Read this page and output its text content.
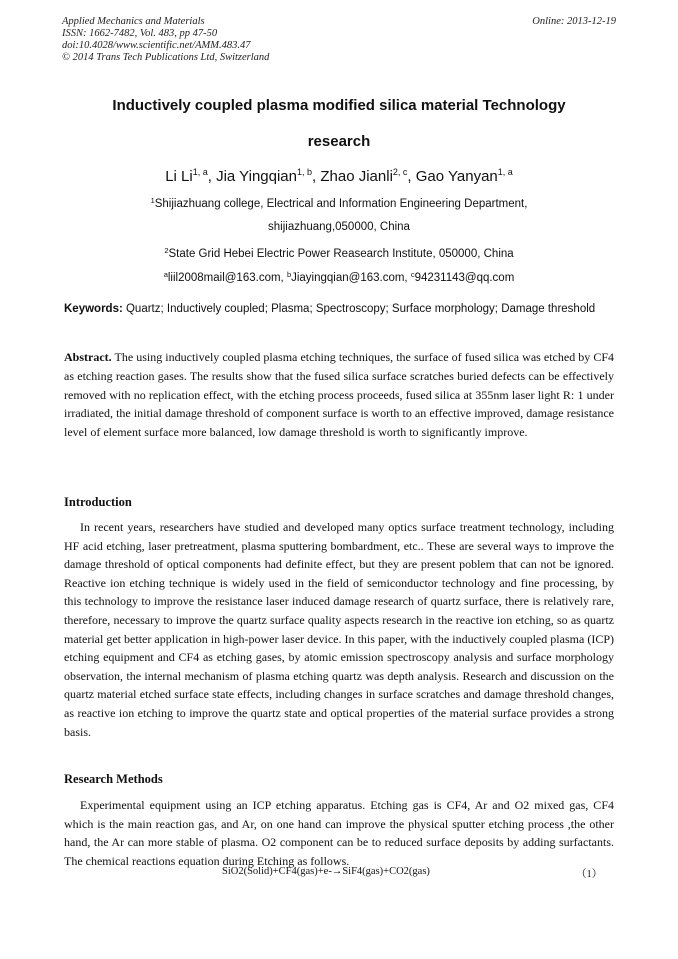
Applied Mechanics and Materials
ISSN: 1662-7482, Vol. 483, pp 47-50
doi:10.4028/www.scientific.net/AMM.483.47
© 2014 Trans Tech Publications Ltd, Switzerland
Online: 2013-12-19
Inductively coupled plasma modified silica material Technology
research
Li Li$^{1, a}$, Jia Yingqian$^{1, b}$, Zhao Jianli$^{2, c}$, Gao Yanyan$^{1, a}$
$^1$Shijiazhuang college, Electrical and Information Engineering Department,
shijiazhuang,050000, China
$^2$State Grid Hebei Electric Power Reasearch Institute, 050000, China
$^a$liil2008mail@163.com, $^b$Jiayingqian@163.com, $^c$94231143@qq.com
Keywords: Quartz; Inductively coupled; Plasma; Spectroscopy; Surface morphology; Damage threshold
Abstract. The using inductively coupled plasma etching techniques, the surface of fused silica was etched by CF4 as etching reaction gases. The results show that the fused silica surface scratches buried defects can be effectively removed with no replication effect, with the etching process proceeds, fused silica at 355nm laser light R: 1 under irradiated, the initial damage threshold of component surface is worth to an effective improved, damage resistance level of element surface more balanced, low damage threshold is worth to significantly improve.
Introduction
In recent years, researchers have studied and developed many optics surface treatment technology, including HF acid etching, laser pretreatment, plasma sputtering bombardment, etc.. These are several ways to improve the damage threshold of optical components had definite effect, but they are present poblem that can not be ignored. Reactive ion etching technique is widely used in the field of semiconductor technology and fine processing, by this technology to improve the resistance laser induced damage research of quartz surface, there is relatively rare, therefore, necessary to improve the quartz surface quality aspects research in the reactive ion etching, so as quartz material get better application in high-power laser device. In this paper, with the inductively coupled plasma (ICP) etching equipment and CF4 as etching gases, by atomic emission spectroscopy analysis and surface morphology observation, the internal mechanism of plasma etching quartz was depth analysis. Research and discussion on the quartz material etched surface state effects, including changes in surface scratches and damage threshold changes, as reactive ion etching to improve the quartz state and optical properties of the material surface provides a strong basis.
Research Methods
Experimental equipment using an ICP etching apparatus. Etching gas is CF4, Ar and O2 mixed gas, CF4 which is the main reaction gas, and Ar, on one hand can improve the physical sputter etching process ,the other hand, the Ar can more stable of plasma. O2 component can be to reduced surface deposits by adding surfactants. The chemical reactions equation during Etching as follows.
SiO2(Solid)+CF4(gas)+e-→SiF4(gas)+CO2(gas)	（1）
